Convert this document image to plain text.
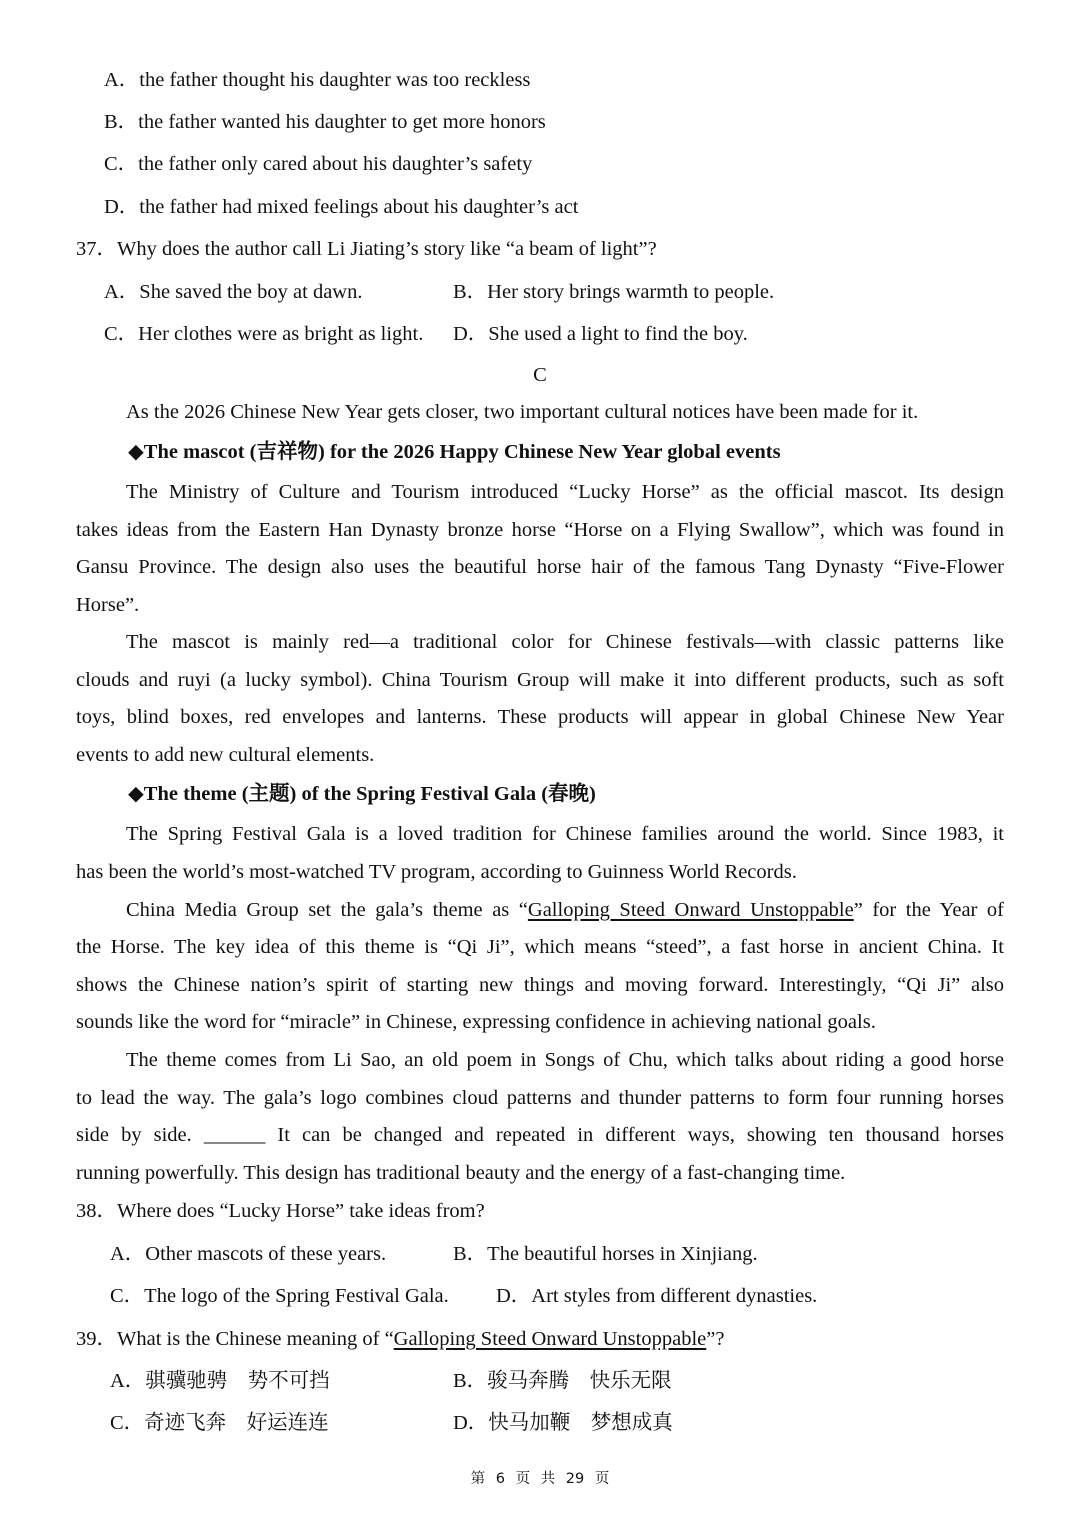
A．the father thought his daughter was too reckless
B．the father wanted his daughter to get more honors
C．the father only cared about his daughter’s safety
D．the father had mixed feelings about his daughter’s act
37．Why does the author call Li Jiating’s story like “a beam of light”?
A．She saved the boy at dawn.	B．Her story brings warmth to people.
C．Her clothes were as bright as light. D．She used a light to find the boy.
C
As the 2026 Chinese New Year gets closer, two important cultural notices have been made for it.
◆The mascot (吉祥物) for the 2026 Happy Chinese New Year global events
The Ministry of Culture and Tourism introduced “Lucky Horse” as the official mascot. Its design
takes ideas from the Eastern Han Dynasty bronze horse “Horse on a Flying Swallow”, which was found in
Gansu Province. The design also uses the beautiful horse hair of the famous Tang Dynasty “Five-Flower
Horse”.
The mascot is mainly red—a traditional color for Chinese festivals—with classic patterns like
clouds and ruyi (a lucky symbol). China Tourism Group will make it into different products, such as soft
toys, blind boxes, red envelopes and lanterns. These products will appear in global Chinese New Year
events to add new cultural elements.
◆The theme (主题) of the Spring Festival Gala (春晚)
The Spring Festival Gala is a loved tradition for Chinese families around the world. Since 1983, it
has been the world’s most-watched TV program, according to Guinness World Records.
China Media Group set the gala’s theme as “Galloping Steed Onward Unstoppable” for the Year of
the Horse. The key idea of this theme is “Qi Ji”, which means “steed”, a fast horse in ancient China. It
shows the Chinese nation’s spirit of starting new things and moving forward. Interestingly, “Qi Ji” also
sounds like the word for “miracle” in Chinese, expressing confidence in achieving national goals.
The theme comes from Li Sao, an old poem in Songs of Chu, which talks about riding a good horse
to lead the way. The gala’s logo combines cloud patterns and thunder patterns to form four running horses
side by side. ______ It can be changed and repeated in different ways, showing ten thousand horses
running powerfully. This design has traditional beauty and the energy of a fast-changing time.
38．Where does “Lucky Horse” take ideas from?
A．Other mascots of these years.	B．The beautiful horses in Xinjiang.
C．The logo of the Spring Festival Gala. D．Art styles from different dynasties.
39．What is the Chinese meaning of “Galloping Steed Onward Unstoppable”?
A．骐骥驰骋　势不可挡	B．骏马奔腾　快乐无限
C．奇迹飞奔　好运连连	D．快马加鞭　梦想成真
第 6 页 共 29 页
